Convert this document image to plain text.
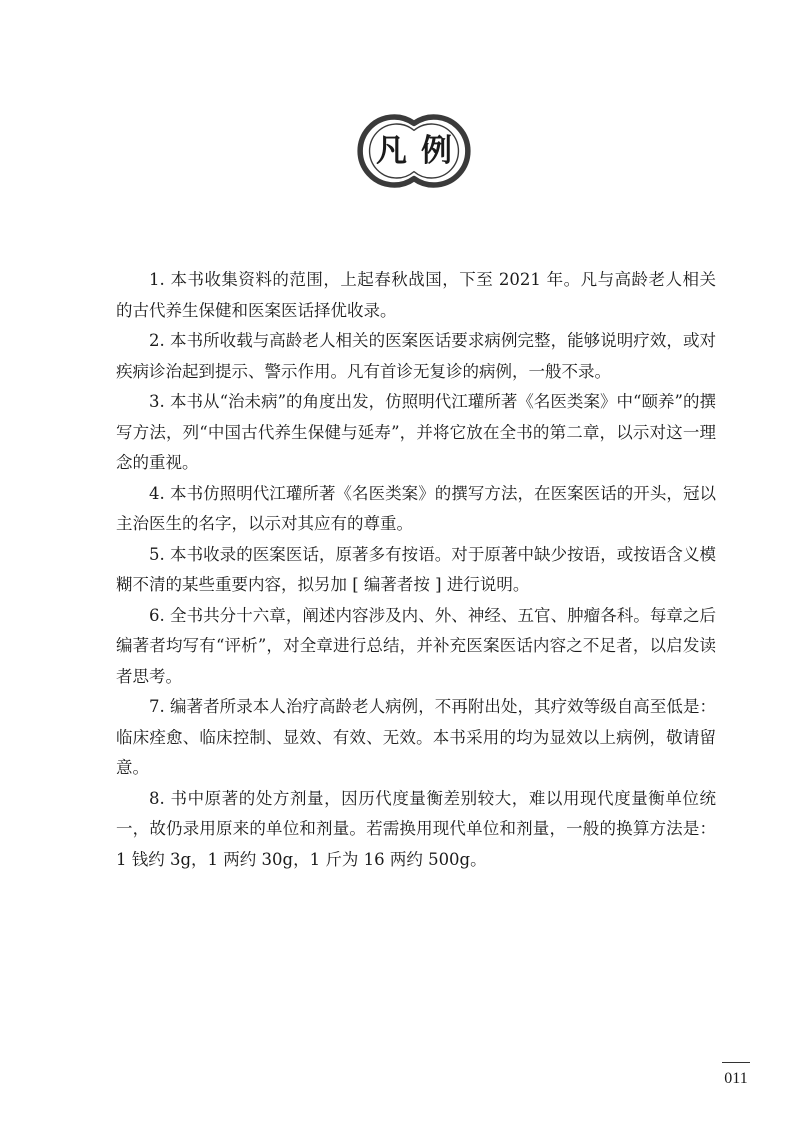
凡例

1. 本书收集资料的范围，上起春秋战国，下至 2021 年。凡与高龄老人相关的古代养生保健和医案医话择优收录。

2. 本书所收载与高龄老人相关的医案医话要求病例完整，能够说明疗效，或对疾病诊治起到提示、警示作用。凡有首诊无复诊的病例，一般不录。

3. 本书从“治未病”的角度出发，仿照明代江瓘所著《名医类案》中“颐养”的撰写方法，列“中国古代养生保健与延寿”，并将它放在全书的第二章，以示对这一理念的重视。

4. 本书仿照明代江瓘所著《名医类案》的撰写方法，在医案医话的开头，冠以主治医生的名字，以示对其应有的尊重。

5. 本书收录的医案医话，原著多有按语。对于原著中缺少按语，或按语含义模糊不清的某些重要内容，拟另加 [ 编著者按 ] 进行说明。

6. 全书共分十六章，阐述内容涉及内、外、神经、五官、肿瘤各科。每章之后编著者均写有“评析”，对全章进行总结，并补充医案医话内容之不足者，以启发读者思考。

7. 编著者所录本人治疗高龄老人病例，不再附出处，其疗效等级自高至低是：临床痊愈、临床控制、显效、有效、无效。本书采用的均为显效以上病例，敬请留意。

8. 书中原著的处方剂量，因历代度量衡差别较大，难以用现代度量衡单位统一，故仍录用原来的单位和剂量。若需换用现代单位和剂量，一般的换算方法是：1 钱约 3g，1 两约 30g，1 斤为 16 两约 500g。

011
